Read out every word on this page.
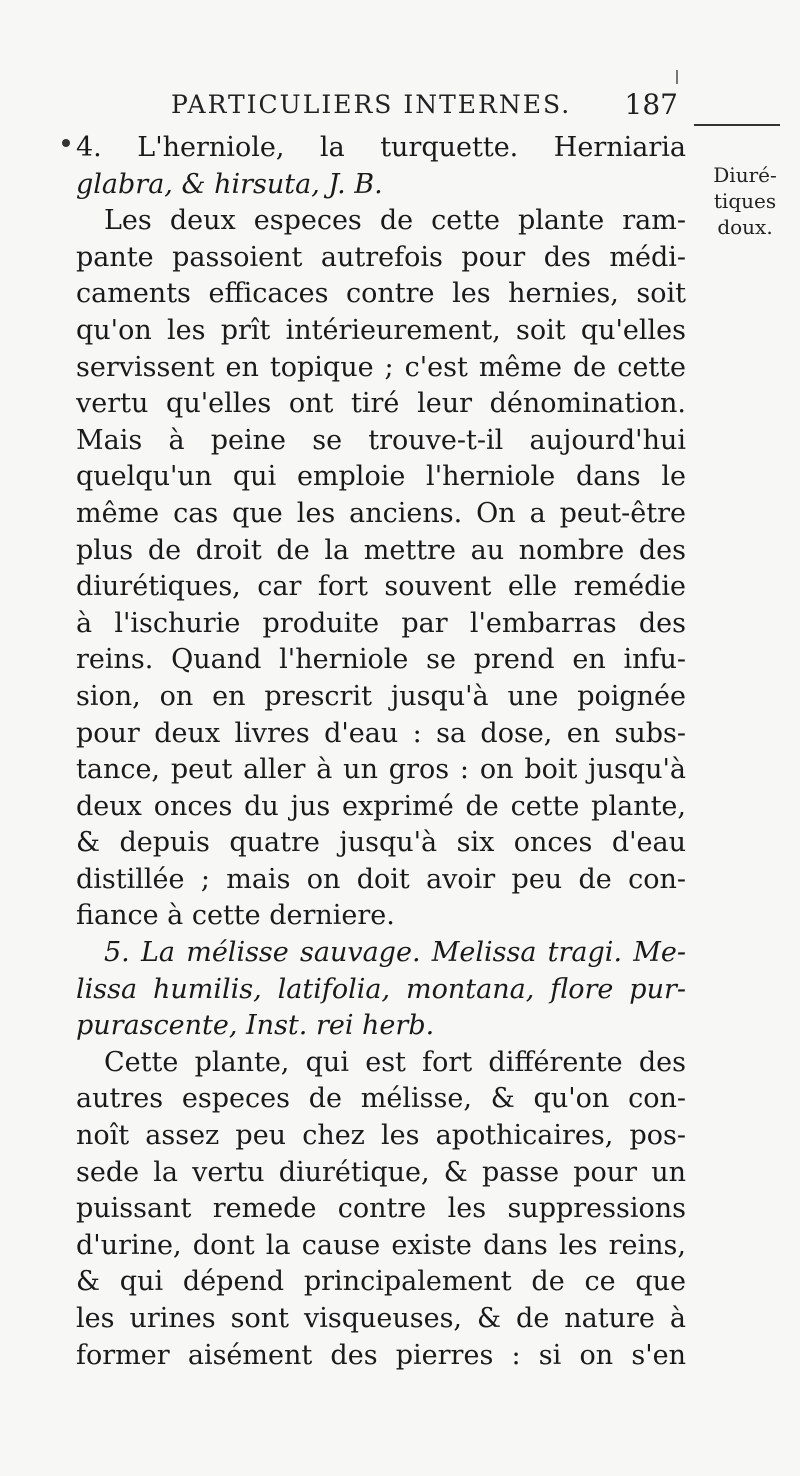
PARTICULIERS INTERNES. 187
Diuré-
tiques
doux.
4. L'herniole, la turquette. Herniaria
glabra, & hirsuta, J. B.
Les deux especes de cette plante ram-
pante passoient autrefois pour des médi-
caments efficaces contre les hernies, soit
qu'on les prît intérieurement, soit qu'elles
servissent en topique ; c'est même de cette
vertu qu'elles ont tiré leur dénomination.
Mais à peine se trouve-t-il aujourd'hui
quelqu'un qui emploie l'herniole dans le
même cas que les anciens. On a peut-être
plus de droit de la mettre au nombre des
diurétiques, car fort souvent elle remédie
à l'ischurie produite par l'embarras des
reins. Quand l'herniole se prend en infu-
sion, on en prescrit jusqu'à une poignée
pour deux livres d'eau : sa dose, en subs-
tance, peut aller à un gros : on boit jusqu'à
deux onces du jus exprimé de cette plante,
& depuis quatre jusqu'à six onces d'eau
distillée ; mais on doit avoir peu de con-
fiance à cette derniere.
5. La mélisse sauvage. Melissa tragi. Me-
lissa humilis, latifolia, montana, flore pur-
purascente, Inst. rei herb.
Cette plante, qui est fort différente des
autres especes de mélisse, & qu'on con-
noît assez peu chez les apothicaires, pos-
sede la vertu diurétique, & passe pour un
puissant remede contre les suppressions
d'urine, dont la cause existe dans les reins,
& qui dépend principalement de ce que
les urines sont visqueuses, & de nature à
former aisément des pierres : si on s'en
